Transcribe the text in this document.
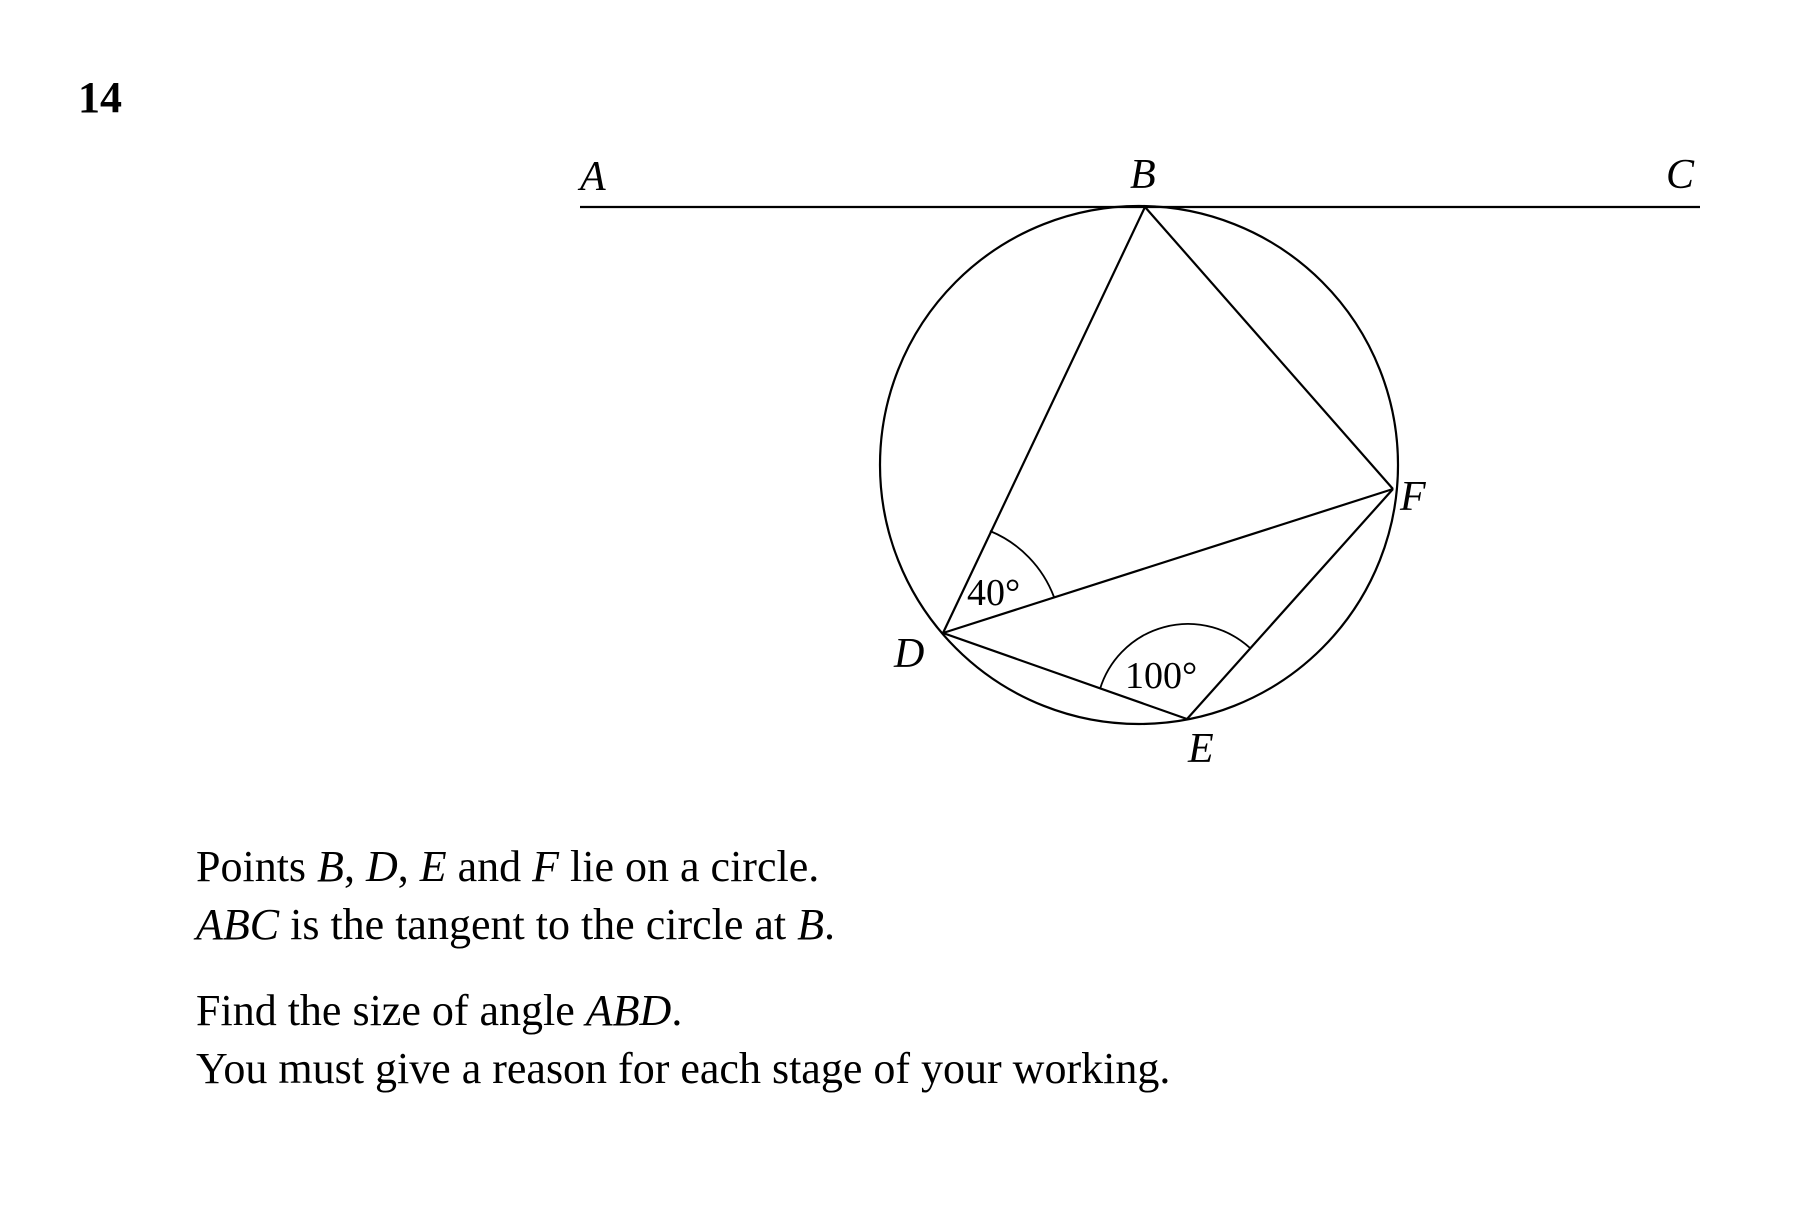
14
A	B	C
D
E
F
40°
100°

Points B, D, E and F lie on a circle.

ABC is the tangent to the circle at B.

Find the size of angle ABD.

You must give a reason for each stage of your working.
